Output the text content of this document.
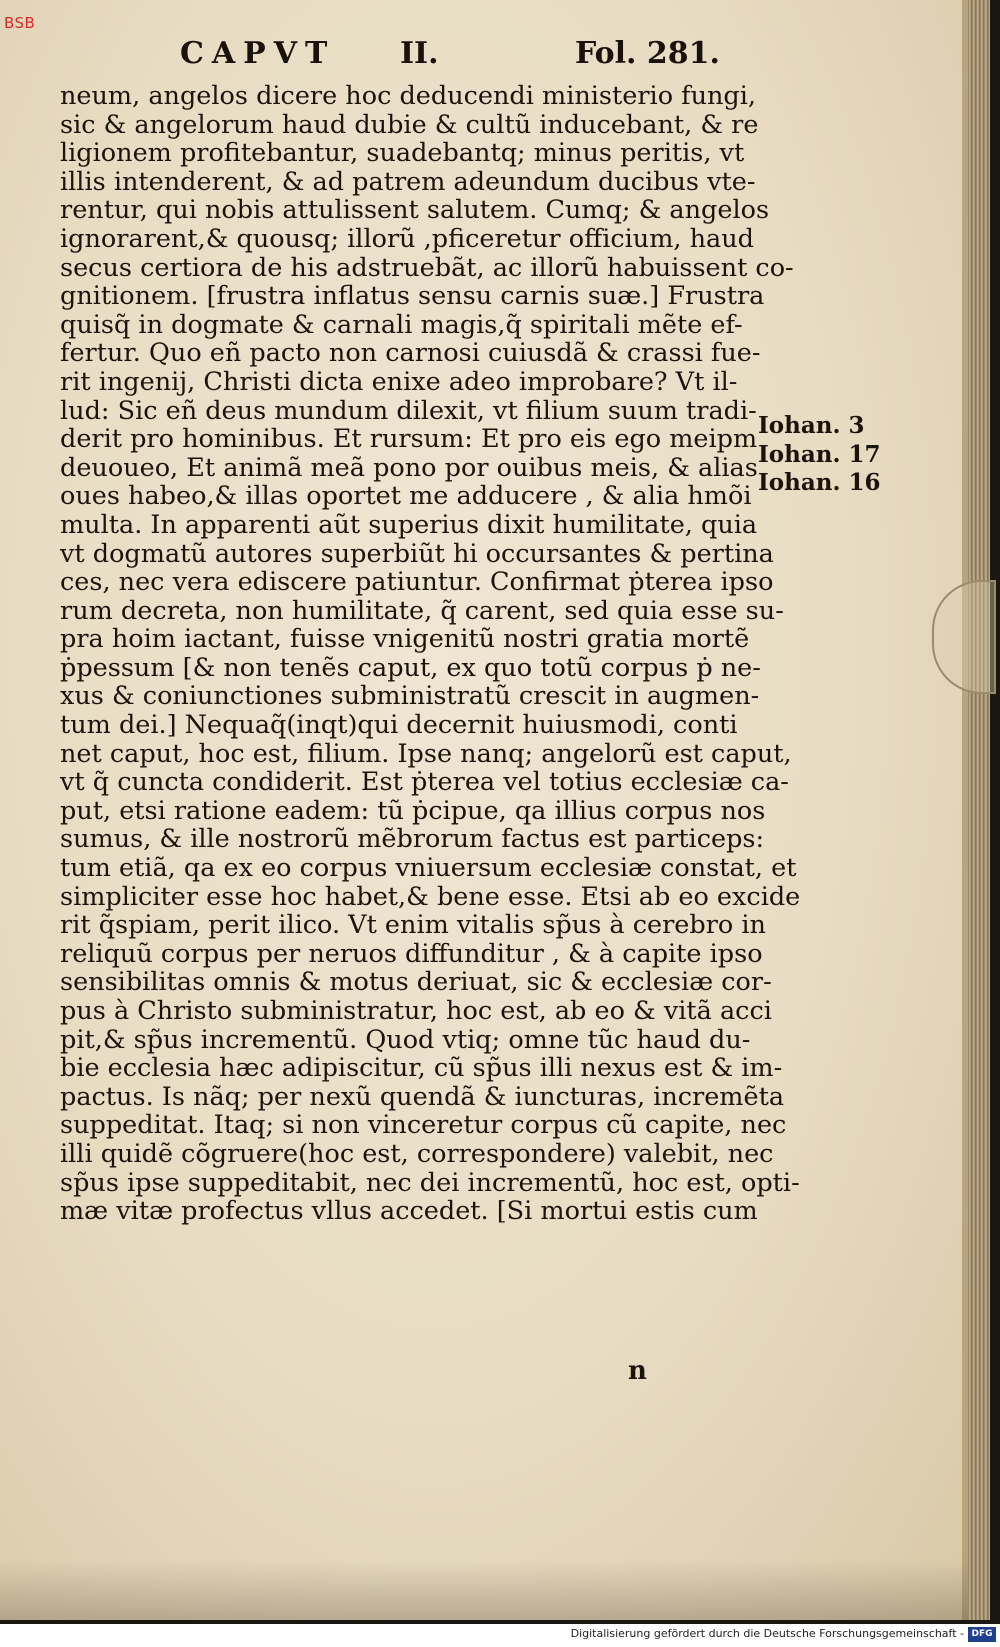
BSB
CAPVT II.	Fol. 281.
neum, angelos dicere hoc deducendi ministerio fungi,
sic & angelorum haud dubie & cultũ inducebant, & re
ligionem profitebantur, suadebantq; minus peritis, vt
illis intenderent, & ad patrem adeundum ducibus vte-
rentur, qui nobis attulissent salutem. Cumq; & angelos
ignorarent,& quousq; illorũ ,pficeretur officium, haud
secus certiora de his adstruebãt, ac illorũ habuissent co-
gnitionem. [frustra inflatus sensu carnis suæ.] Frustra
quisq̃ in dogmate & carnali magis,q̃ spiritali mẽte ef-
fertur. Quo eñ pacto non carnosi cuiusdã & crassi fue-
rit ingenij, Christi dicta enixe adeo improbare? Vt il-
lud: Sic eñ deus mundum dilexit, vt filium suum tradi-
derit pro hominibus. Et rursum: Et pro eis ego meipm
deuoueo, Et animã meã pono por ouibus meis, & alias
oues habeo,& illas oportet me adducere , & alia hmõi
multa. In apparenti aũt superius dixit humilitate, quia
vt dogmatũ autores superbiũt hi occursantes & pertina
ces, nec vera ediscere patiuntur. Confirmat ṗterea ipso
rum decreta, non humilitate, q̃ carent, sed quia esse su-
pra hoim iactant, fuisse vnigenitũ nostri gratia mortẽ
ṗpessum [& non tenẽs caput, ex quo totũ corpus ṗ ne-
xus & coniunctiones subministratũ crescit in augmen-
tum dei.] Nequaq̃(inqt)qui decernit huiusmodi, conti
net caput, hoc est, filium. Ipse nanq; angelorũ est caput,
vt q̃ cuncta condiderit. Est ṗterea vel totius ecclesiæ ca-
put, etsi ratione eadem: tũ ṗcipue, qa illius corpus nos
sumus, & ille nostrorũ mẽbrorum factus est particeps:
tum etiã, qa ex eo corpus vniuersum ecclesiæ constat, et
simpliciter esse hoc habet,& bene esse. Etsi ab eo excide
rit q̃spiam, perit ilico. Vt enim vitalis sp̃us à cerebro in
reliquũ corpus per neruos diffunditur , & à capite ipso
sensibilitas omnis & motus deriuat, sic & ecclesiæ cor-
pus à Christo subministratur, hoc est, ab eo & vitã acci
pit,& sp̃us incrementũ. Quod vtiq; omne tũc haud du-
bie ecclesia hæc adipiscitur, cũ sp̃us illi nexus est & im-
pactus. Is nãq; per nexũ quendã & iuncturas, incremẽta
suppeditat. Itaq; si non vinceretur corpus cũ capite, nec
illi quidẽ cõgruere(hoc est, correspondere) valebit, nec
sp̃us ipse suppeditabit, nec dei incrementũ, hoc est, opti-
mæ vitæ profectus vllus accedet. [Si mortui estis cum
Iohan. 3
Iohan. 17
Iohan. 16
n
Digitalisierung gefördert durch die Deutsche Forschungsgemeinschaft - DFG
